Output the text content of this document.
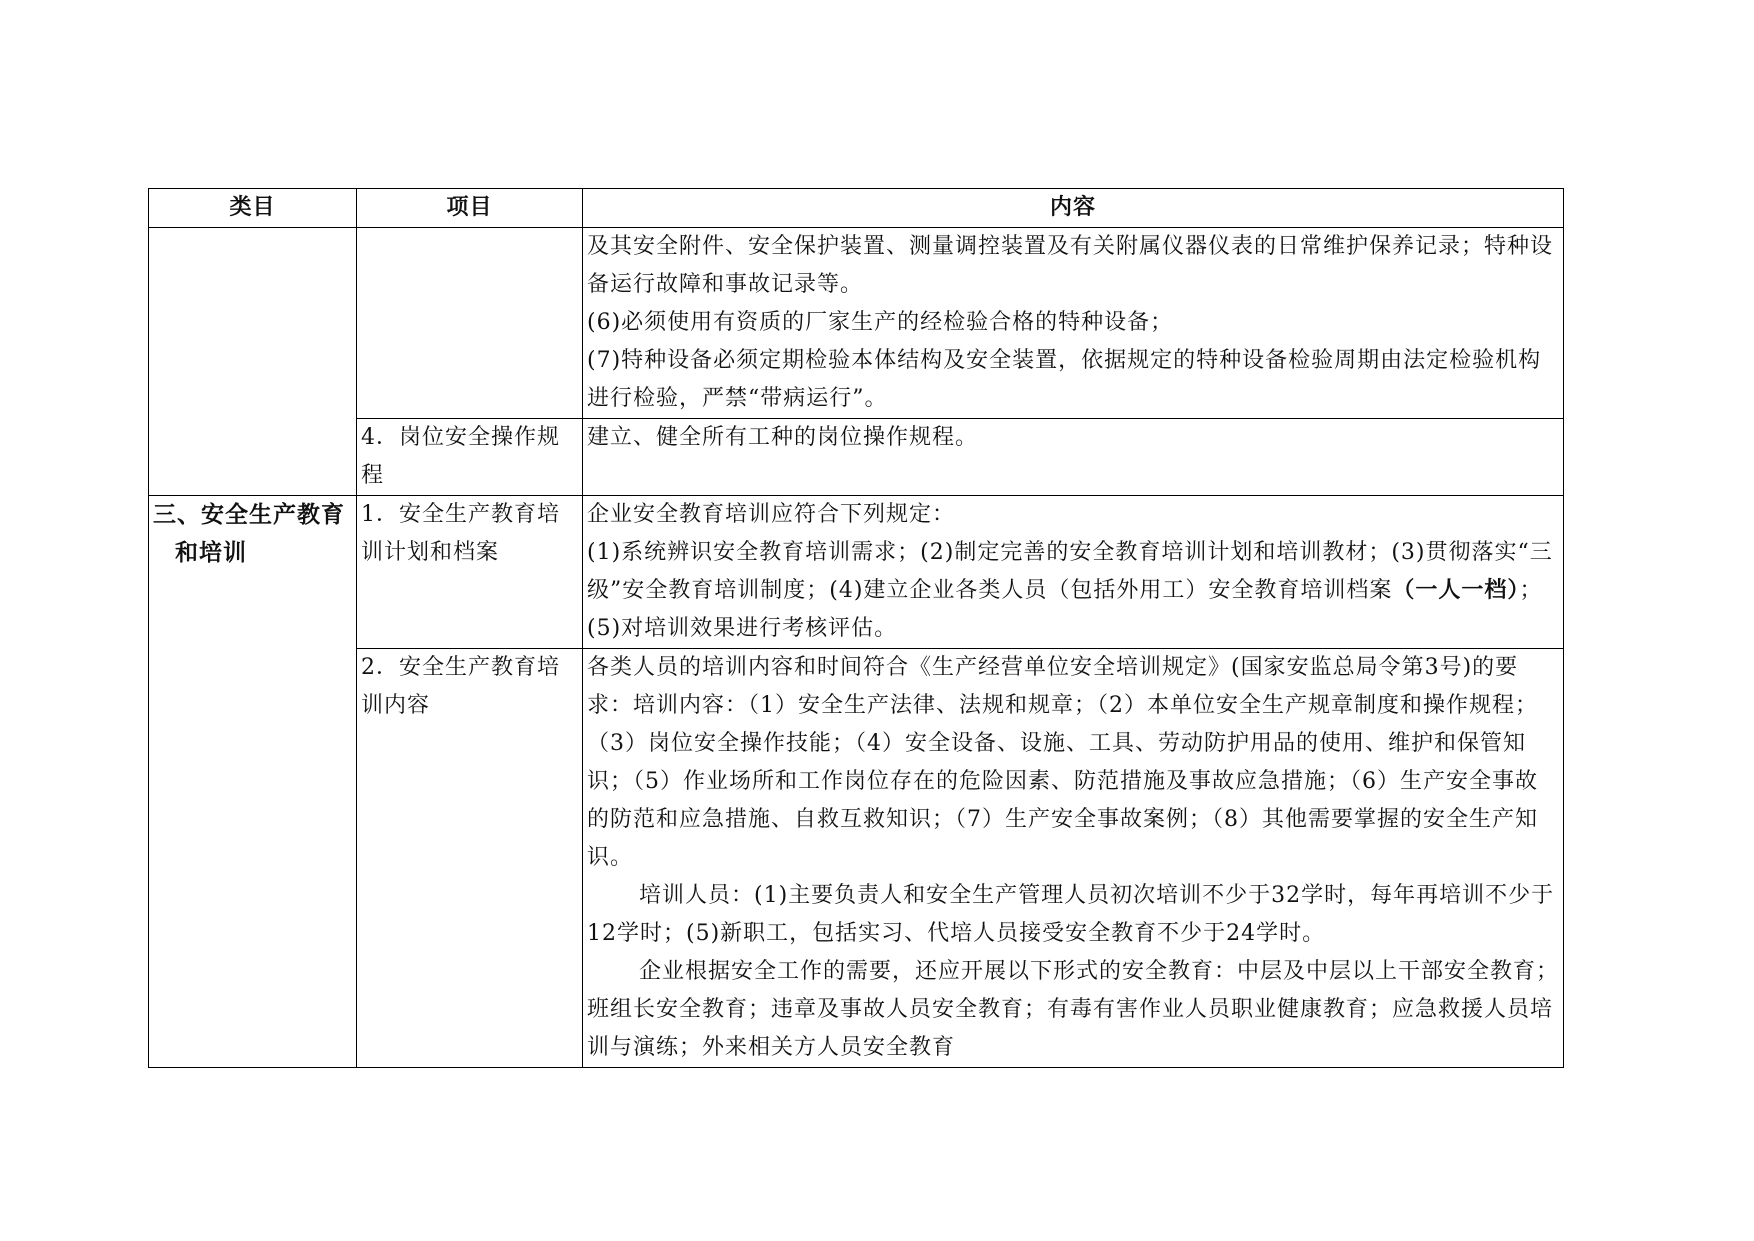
类目	项目	内容

		及其安全附件、安全保护装置、测量调控装置及有关附属仪器仪表的日常维护保养记录；特种设备运行故障和事故记录等。
(6)必须使用有资质的厂家生产的经检验合格的特种设备；
(7)特种设备必须定期检验本体结构及安全装置，依据规定的特种设备检验周期由法定检验机构进行检验，严禁“带病运行”。

	4．岗位安全操作规程	建立、健全所有工种的岗位操作规程。

三、安全生产教育
和培训	1．安全生产教育培训计划和档案	企业安全教育培训应符合下列规定：
(1)系统辨识安全教育培训需求；(2)制定完善的安全教育培训计划和培训教材；(3)贯彻落实“三级”安全教育培训制度；(4)建立企业各类人员（包括外用工）安全教育培训档案（一人一档）；(5)对培训效果进行考核评估。

	2．安全生产教育培训内容	各类人员的培训内容和时间符合《生产经营单位安全培训规定》(国家安监总局令第3号)的要求：培训内容：（1）安全生产法律、法规和规章；（2）本单位安全生产规章制度和操作规程；（3）岗位安全操作技能；（4）安全设备、设施、工具、劳动防护用品的使用、维护和保管知识；（5）作业场所和工作岗位存在的危险因素、防范措施及事故应急措施；（6）生产安全事故的防范和应急措施、自救互救知识；（7）生产安全事故案例；（8）其他需要掌握的安全生产知识。
培训人员：(1)主要负责人和安全生产管理人员初次培训不少于32学时，每年再培训不少于12学时；(5)新职工，包括实习、代培人员接受安全教育不少于24学时。
企业根据安全工作的需要，还应开展以下形式的安全教育：中层及中层以上干部安全教育；班组长安全教育；违章及事故人员安全教育；有毒有害作业人员职业健康教育；应急救援人员培训与演练；外来相关方人员安全教育
